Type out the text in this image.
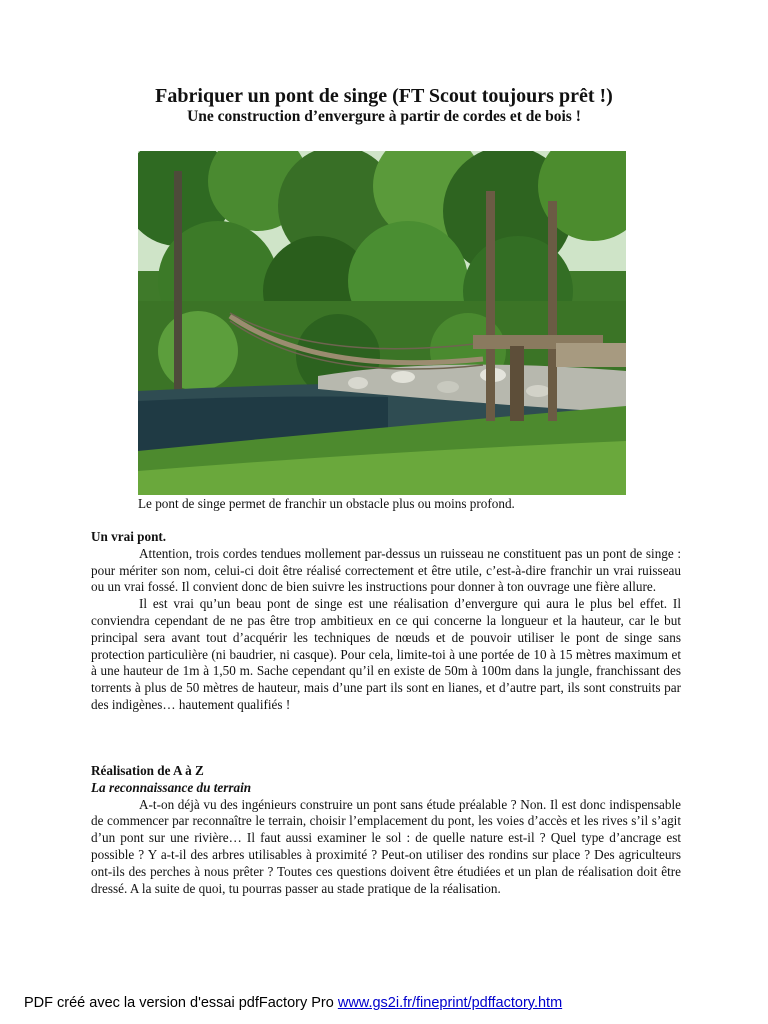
Fabriquer un pont de singe (FT Scout toujours prêt !)
Une construction d’envergure à partir de cordes et de bois !
Le pont de singe permet de franchir un obstacle plus ou moins profond.
Un vrai pont.

Attention, trois cordes tendues mollement par-dessus un ruisseau ne constituent pas un pont de singe : pour mériter son nom, celui-ci doit être réalisé correctement et être utile, c’est-à-dire franchir un vrai ruisseau ou un vrai fossé. Il convient donc de bien suivre les instructions pour donner à ton ouvrage une fière allure.

Il est vrai qu’un beau pont de singe est une réalisation d’envergure qui aura le plus bel effet. Il conviendra cependant de ne pas être trop ambitieux en ce qui concerne la longueur et la hauteur, car le but principal sera avant tout d’acquérir les techniques de nœuds et de pouvoir utiliser le pont de singe sans protection particulière (ni baudrier, ni casque). Pour cela, limite-toi à une portée de 10 à 15 mètres maximum et à une hauteur de 1m à 1,50 m. Sache cependant qu’il en existe de 50m à 100m dans la jungle, franchissant des torrents à plus de 50 mètres de hauteur, mais d’une part ils sont en lianes, et d’autre part, ils sont construits par des indigènes… hautement qualifiés !

Réalisation de A à Z
La reconnaissance du terrain

A-t-on déjà vu des ingénieurs construire un pont sans étude préalable ? Non. Il est donc indispensable de commencer par reconnaître le terrain, choisir l’emplacement du pont, les voies d’accès et les rives s’il s’agit d’un pont sur une rivière… Il faut aussi examiner le sol : de quelle nature est-il ? Quel type d’ancrage est possible ? Y a-t-il des arbres utilisables à proximité ? Peut-on utiliser des rondins sur place ? Des agriculteurs ont-ils des perches à nous prêter ? Toutes ces questions doivent être étudiées et un plan de réalisation doit être dressé. A la suite de quoi, tu pourras passer au stade pratique de la réalisation.

PDF créé avec la version d'essai pdfFactory Pro www.gs2i.fr/fineprint/pdffactory.htm
